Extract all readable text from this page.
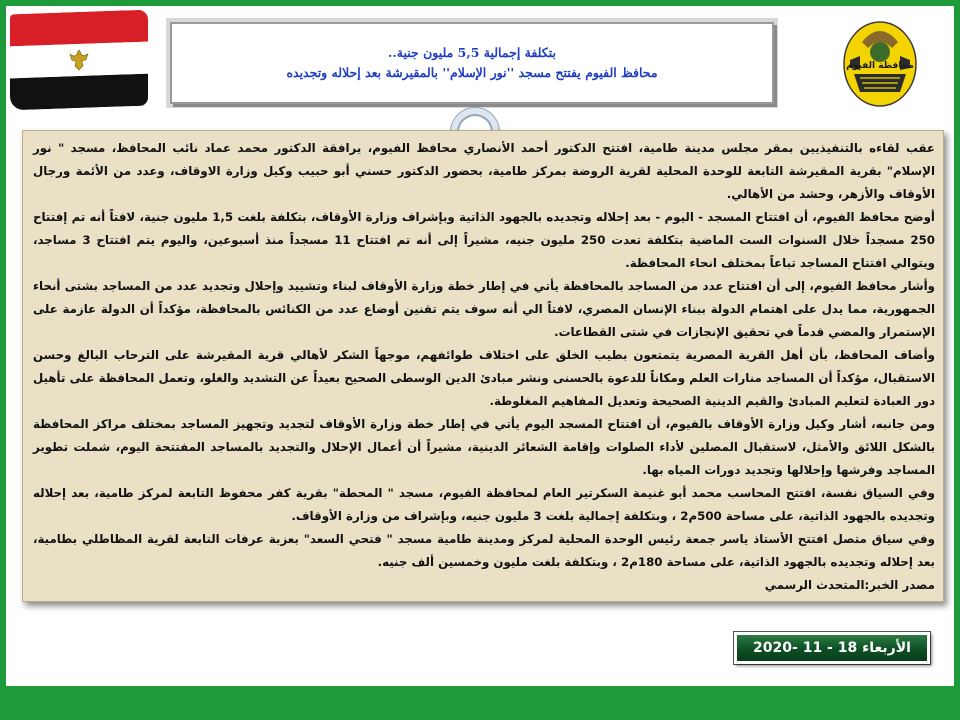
بتكلفة إجمالية 5,5 مليون جنية..
محافظ الفيوم يفتتح مسجد ''نور الإسلام'' بالمقيرشة بعد إحلاله وتجديده	محافظة الفيوم

عقب لقاءه بالتنفيذيين بمقر مجلس مدينة طامية، افتتح الدكتور أحمد الأنصاري محافظ الفيوم، يرافقة الدكتور محمد عماد نائب المحافظ، مسجد " نور الإسلام" بقرية المقيرشة التابعة للوحدة المحلية لقرية الروضة بمركز طامية، بحضور الدكتور حسني أبو حبيب وكيل وزارة الاوقاف، وعدد من الأئمة ورجال الأوقاف والأزهر، وحشد من الأهالي.

أوضح محافظ الفيوم، أن افتتاح المسجد - اليوم - بعد إحلاله وتجديده بالجهود الذاتية وبإشراف وزارة الأوقاف، بتكلفة بلغت 1,5 مليون جنية، لافتاً أنه تم إفتتاح 250 مسجداً خلال السنوات الست الماضية بتكلفة تعدت 250 مليون جنيه، مشيراً إلى أنه تم افتتاح 11 مسجداً منذ أسبوعين، واليوم يتم افتتاح 3 مساجد، ويتوالي افتتاح المساجد تباعاً بمختلف انحاء المحافظة.

وأشار محافظ الفيوم، إلى أن افتتاح عدد من المساجد بالمحافظة يأتي في إطار خطة وزارة الأوقاف لبناء وتشييد وإحلال وتجديد عدد من المساجد بشتى أنحاء الجمهورية، مما يدل على اهتمام الدولة ببناء الإنسان المصري، لافتاً الي أنه سوف يتم تقنين أوضاع عدد من الكنائس بالمحافظة، مؤكداً أن الدولة عازمة على الإستمرار والمضي قدماً في تحقيق الإنجازات في شتى القطاعات.

وأضاف المحافظ، بأن أهل القرية المصرية يتمتعون بطيب الخلق على اختلاف طوائفهم، موجهاً الشكر لأهالي قرية المقيرشة على الترحاب البالغ وحسن الاستقبال، مؤكداً أن المساجد منارات العلم ومكاناً للدعوة بالحسنى ونشر مبادئ الدين الوسطى الصحيح بعيداً عن التشديد والغلو، وتعمل المحافظة على تأهيل دور العبادة لتعليم المبادئ والقيم الدينية الصحيحة وتعديل المفاهيم المغلوطة.

ومن جانبه، أشار وكيل وزارة الأوقاف بالفيوم، أن افتتاح المسجد اليوم يأتي في إطار خطة وزارة الأوقاف لتجديد وتجهيز المساجد بمختلف مراكز المحافظة بالشكل اللائق والأمثل، لاستقبال المصلين لأداء الصلوات وإقامة الشعائر الدينية، مشيراً أن أعمال الإحلال والتجديد بالمساجد المفتتحة اليوم، شملت تطوير المساجد وفرشها وإحلالها وتجديد دورات المياه بها.

وفي السياق نفسة، افتتح المحاسب محمد أبو غنيمة السكرتير العام لمحافظة الفيوم، مسجد " المحطة" بقرية كفر محفوظ التابعة لمركز طامية، بعد إحلاله وتجديده بالجهود الذاتية، على مساحة 500م2 ، وبتكلفة إجمالية بلغت 3 مليون جنيه، وبإشراف من وزارة الأوقاف.

وفي سياق متصل افتتح الأستاذ ياسر جمعة رئيس الوحدة المحلية لمركز ومدينة طامية مسجد " فتحي السعد" بعزبة عرفات التابعة لقرية المظاطلي بطامية، بعد إحلاله وتجديده بالجهود الذاتية، على مساحة 180م2 ، وبتكلفة بلغت مليون وخمسين ألف جنيه.

مصدر الخبر:المتحدث الرسمي

الأربعاء 18 - 11 -2020
